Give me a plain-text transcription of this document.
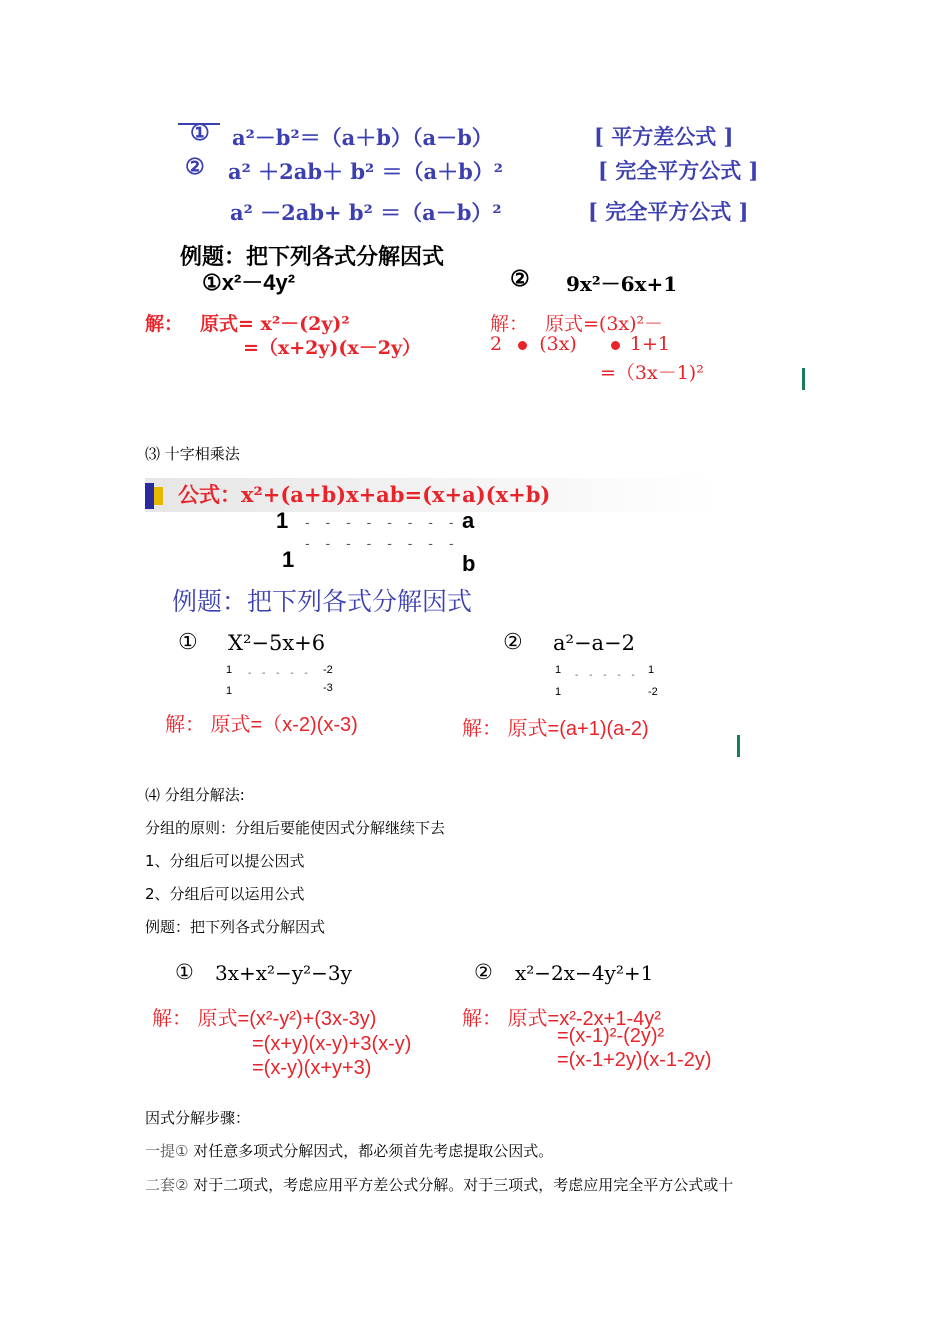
① a²－b²＝（a＋b）（a－b）	[ 平方差公式 ]
② a² ＋2ab＋ b² ＝（a＋b）²	[ 完全平方公式 ]
a² －2ab+ b² ＝（a－b）²	[ 完全平方公式 ]
例题：把下列各式分解因式
①x²－4y²	② 9x²－6x+1
解： 原式= x²－(2y)²
=（x+2y)(x－2y）
解： 原式=(3x)²－
2 (3x)	1+1
=（3x－1)²
⑶ 十字相乘法
公式：x²+(a+b)x+ab=(x+a)(x+b)
1 - - - - - - - - a
- - - - - - - -
1	b
例题：把下列各式分解因式
① X²−5x+6
1	-2
- - - - -
1	-3
② a²−a−2
1	1
- - - - -
1	-2
解： 原式=（x-2)(x-3)	解： 原式=(a+1)(a-2)
⑷ 分组分解法:
分组的原则：分组后要能使因式分解继续下去
1、分组后可以提公因式
2、分组后可以运用公式
例题：把下列各式分解因式
① 3x+x²−y²−3y	② x²−2x−4y²+1
解： 原式=(x²-y²)+(3x-3y)
=(x+y)(x-y)+3(x-y)
=(x-y)(x+y+3)
解： 原式=x²-2x+1-4y²
=(x-1)²-(2y)²
=(x-1+2y)(x-1-2y)
因式分解步骤：
一提① 对任意多项式分解因式，都必须首先考虑提取公因式。
二套② 对于二项式，考虑应用平方差公式分解。对于三项式，考虑应用完全平方公式或十
